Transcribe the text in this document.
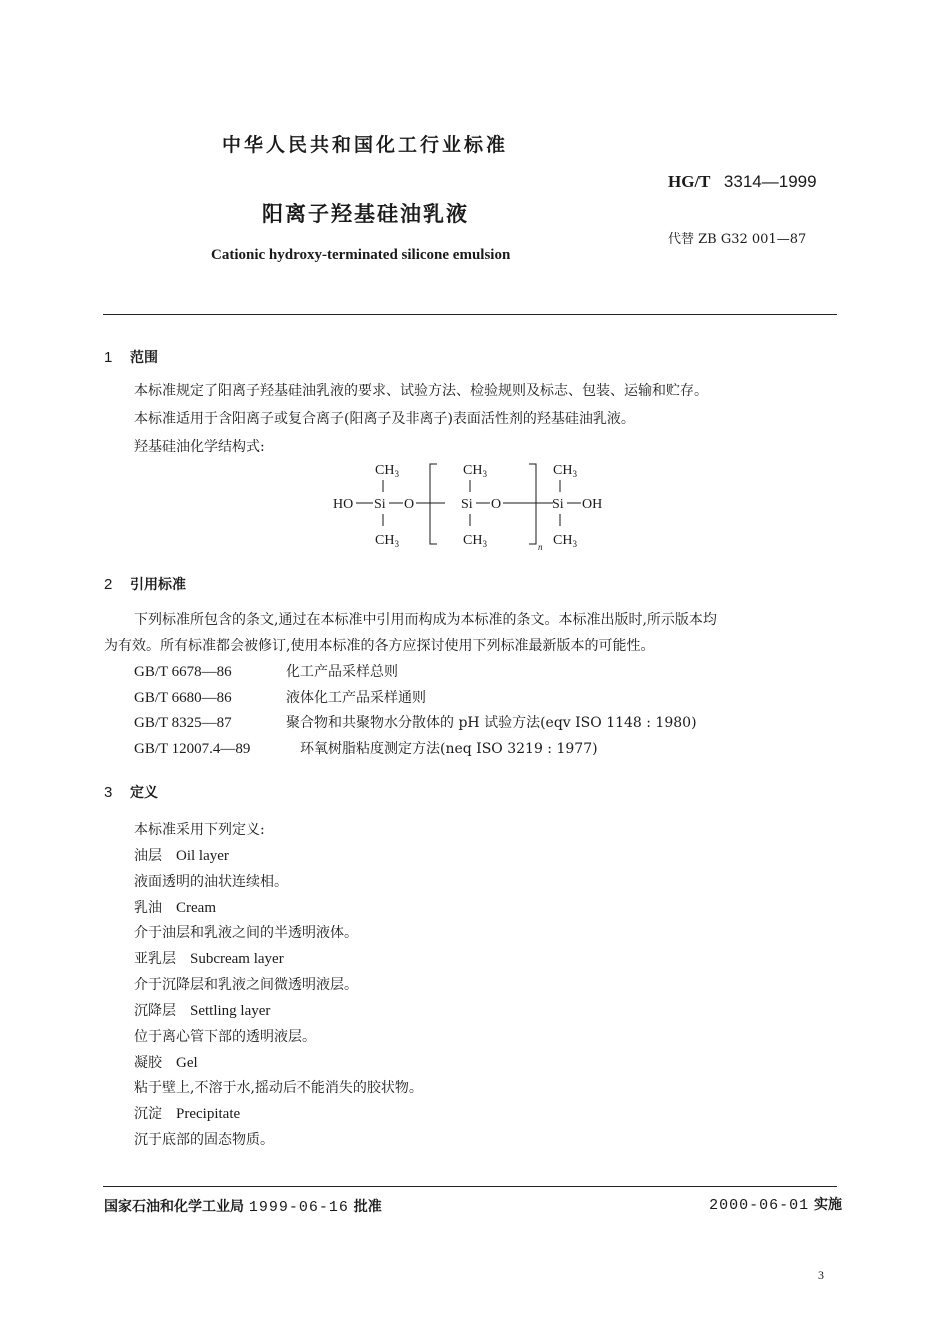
中华人民共和国化工行业标准
HG/T 3314—1999
阳离子羟基硅油乳液
代替 ZB G32 001—87
Cationic hydroxy-terminated silicone emulsion
1 范围
本标准规定了阳离子羟基硅油乳液的要求、试验方法、检验规则及标志、包装、运输和贮存。
本标准适用于含阳离子或复合离子(阳离子及非离子)表面活性剂的羟基硅油乳液。
羟基硅油化学结构式:
$CH_3$
HO Si O
$CH_3$
$CH_3$
Si O
$CH_3$	n
$CH_3$
Si OH
$CH_3$
2 引用标准
下列标准所包含的条文,通过在本标准中引用而构成为本标准的条文。本标准出版时,所示版本均
为有效。所有标准都会被修订,使用本标准的各方应探讨使用下列标准最新版本的可能性。
GB/T 6678—86	化工产品采样总则
GB/T 6680—86	液体化工产品采样通则
GB/T 8325—87	聚合物和共聚物水分散体的 pH 试验方法(eqv ISO 1148 : 1980)
GB/T 12007.4—89	环氧树脂粘度测定方法(neq ISO 3219 : 1977)
3 定义
本标准采用下列定义:
油层 Oil layer
液面透明的油状连续相。
乳油 Cream
介于油层和乳液之间的半透明液体。
亚乳层 Subcream layer
介于沉降层和乳液之间微透明液层。
沉降层 Settling layer
位于离心管下部的透明液层。
凝胶 Gel
粘于壁上,不溶于水,摇动后不能消失的胶状物。
沉淀 Precipitate
沉于底部的固态物质。
国家石油和化学工业局 1999-06-16 批准	2000-06-01 实施
3
